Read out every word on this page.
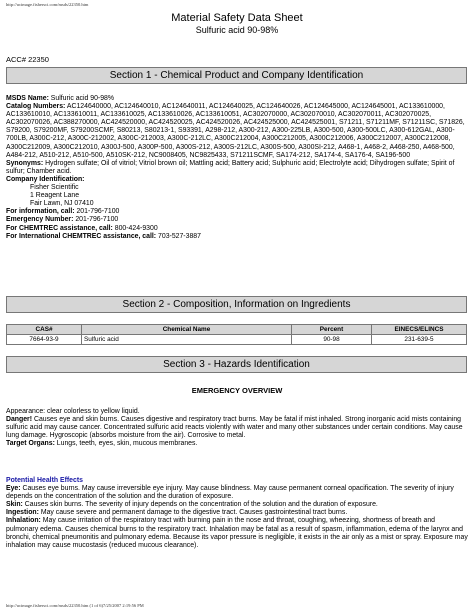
http://ucimage.fishersci.com/msds/22350.htm
Material Safety Data Sheet
Sulfuric acid 90-98%
ACC# 22350
Section 1 - Chemical Product and Company Identification

MSDS Name: Sulfuric acid 90-98%

Catalog Numbers: AC124640000, AC124640010, AC124640011, AC124640025, AC124640026, AC124645000, AC124645001, AC133610000, AC133610010, AC133610011, AC133610025, AC133610026, AC133610051, AC302070000, AC302070010, AC302070011, AC302070025, AC302070026, AC388270000, AC424520000, AC424520025, AC424520026, AC424525000, AC424525001, S71211, S71211MF, S71211SC, S71826, S79200, S79200MF, S79200SCMF, S80213, S80213-1, S93391, A298-212, A300-212, A300-225LB, A300-500, A300-500LC, A300-612GAL, A300-700LB, A300C-212, A300C-212002, A300C-212003, A300C-212LC, A300C212004, A300C212005, A300C212006, A300C212007, A300C212008, A300C212009, A300C212010, A300J-500, A300P-500, A300S-212, A300S-212LC, A300S-500, A300SI-212, A468-1, A468-2, A468-250, A468-500, A484-212, A510-212, A510-500, A510SK-212, NC9008405, NC9825433, S71211SCMF, SA174-212, SA174-4, SA176-4, SA196-500

Synonyms: Hydrogen sulfate; Oil of vitriol; Vitriol brown oil; Mattling acid; Battery acid; Sulphuric acid; Electrolyte acid; Dihydrogen sulfate; Spirit of sulfur; Chamber acid.

Company Identification:

Fisher Scientific

1 Reagent Lane

Fair Lawn, NJ 07410

For information, call: 201-796-7100

Emergency Number: 201-796-7100

For CHEMTREC assistance, call: 800-424-9300

For International CHEMTREC assistance, call: 703-527-3887

Section 2 - Composition, Information on Ingredients
CAS#	Chemical Name	Percent	EINECS/ELINCS
7664-93-9	Sulfuric acid	90-98	231-639-5
Section 3 - Hazards Identification
EMERGENCY OVERVIEW

Appearance: clear colorless to yellow liquid.

Danger! Causes eye and skin burns. Causes digestive and respiratory tract burns. May be fatal if mist inhaled. Strong inorganic acid mists containing sulfuric acid may cause cancer. Concentrated sulfuric acid reacts violently with water and many other substances under certain conditions. May cause lung damage. Hygroscopic (absorbs moisture from the air). Corrosive to metal.

Target Organs: Lungs, teeth, eyes, skin, mucous membranes.

Potential Health Effects

Eye: Causes eye burns. May cause irreversible eye injury. May cause blindness. May cause permanent corneal opacification. The severity of injury depends on the concentration of the solution and the duration of exposure.

Skin: Causes skin burns. The severity of injury depends on the concentration of the solution and the duration of exposure.

Ingestion: May cause severe and permanent damage to the digestive tract. Causes gastrointestinal tract burns.

Inhalation: May cause irritation of the respiratory tract with burning pain in the nose and throat, coughing, wheezing, shortness of breath and pulmonary edema. Causes chemical burns to the respiratory tract. Inhalation may be fatal as a result of spasm, inflammation, edema of the larynx and bronchi, chemical pneumonitis and pulmonary edema. Because its vapor pressure is negligible, it exists in the air only as a mist or spray. Exposure may inhalation may cause mucostasis (reduced mucous clearance).

http://ucimage.fishersci.com/msds/22350.htm (1 of 6)7/25/2007 2:19:56 PM
